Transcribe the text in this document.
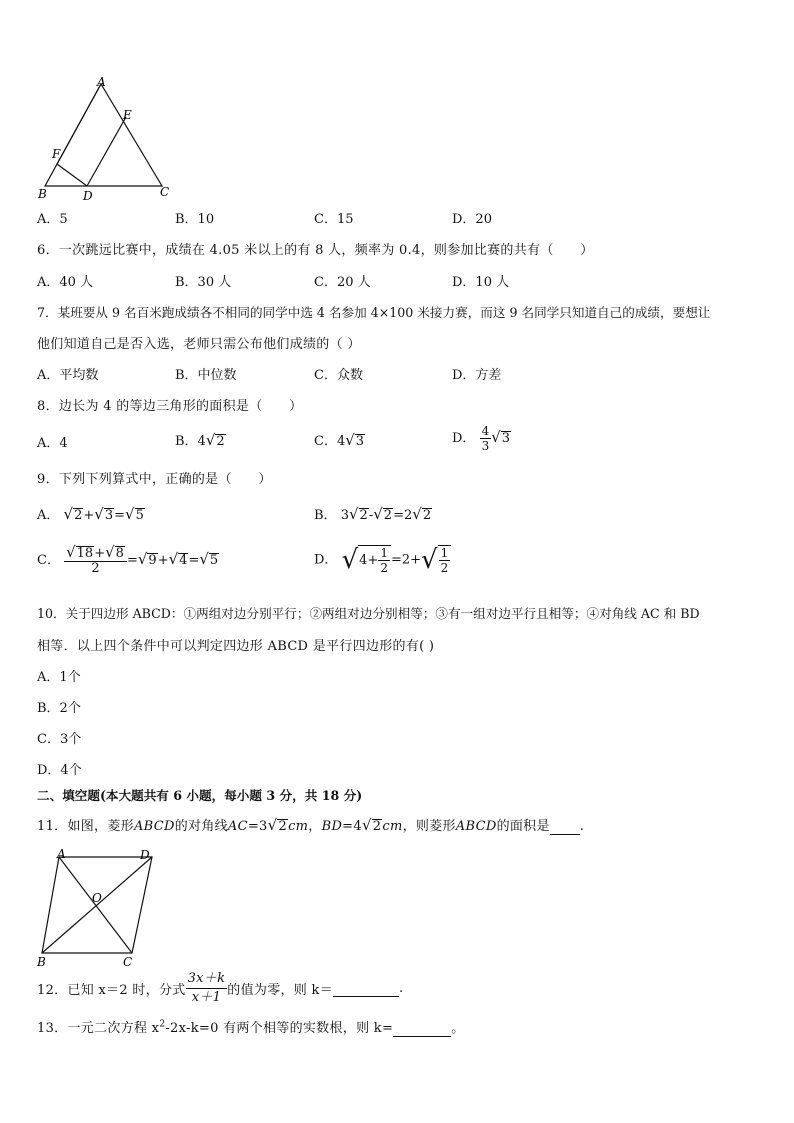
A
E
F
B	D	C
A．5	B．10	C．15	D．20
6．一次跳远比赛中，成绩在 4.05 米以上的有 8 人，频率为 0.4，则参加比赛的共有（　　）
A．40 人	B．30 人	C．20 人	D．10 人
7．某班要从 9 名百米跑成绩各不相同的同学中选 4 名参加 4×100 米接力赛，而这 9 名同学只知道自己的成绩，要想让
他们知道自己是否入选，老师只需公布他们成绩的（ ）
A．平均数	B．中位数	C．众数	D．方差
8．边长为 4 的等边三角形的面积是（　　）
A．4	B．4√2	C．4√3	D． $\frac{4}{3} √3$
9．下列下列算式中，正确的是（　　）
A． √2+√3=√5	B． 3√2-√2=2√2
C． $\frac{√18+√8}{2} =√9+√4=√5$	D． $√4+ \frac{1}{2} =2+√ \frac{1}{2}$
10．关于四边形 ABCD：①两组对边分别平行；②两组对边分别相等；③有一组对边平行且相等；④对角线 AC 和 BD
相等．以上四个条件中可以判定四边形 ABCD 是平行四边形的有( )
A．1个
B．2个
C．3个
D．4个
二、填空题(本大题共有 6 小题，每小题 3 分，共 18 分)
11．如图，菱形ABCD的对角线AC=3√2cm，BD=4√2cm，则菱形ABCD的面积是 .
A	D
O
B	C
12．已知 x＝2 时，分式 $\frac{3x+k}{x+1}$ 的值为零，则 k＝	.
13．一元二次方程 $x^2-2x-k=0$ 有两个相等的实数根，则 k=	。
